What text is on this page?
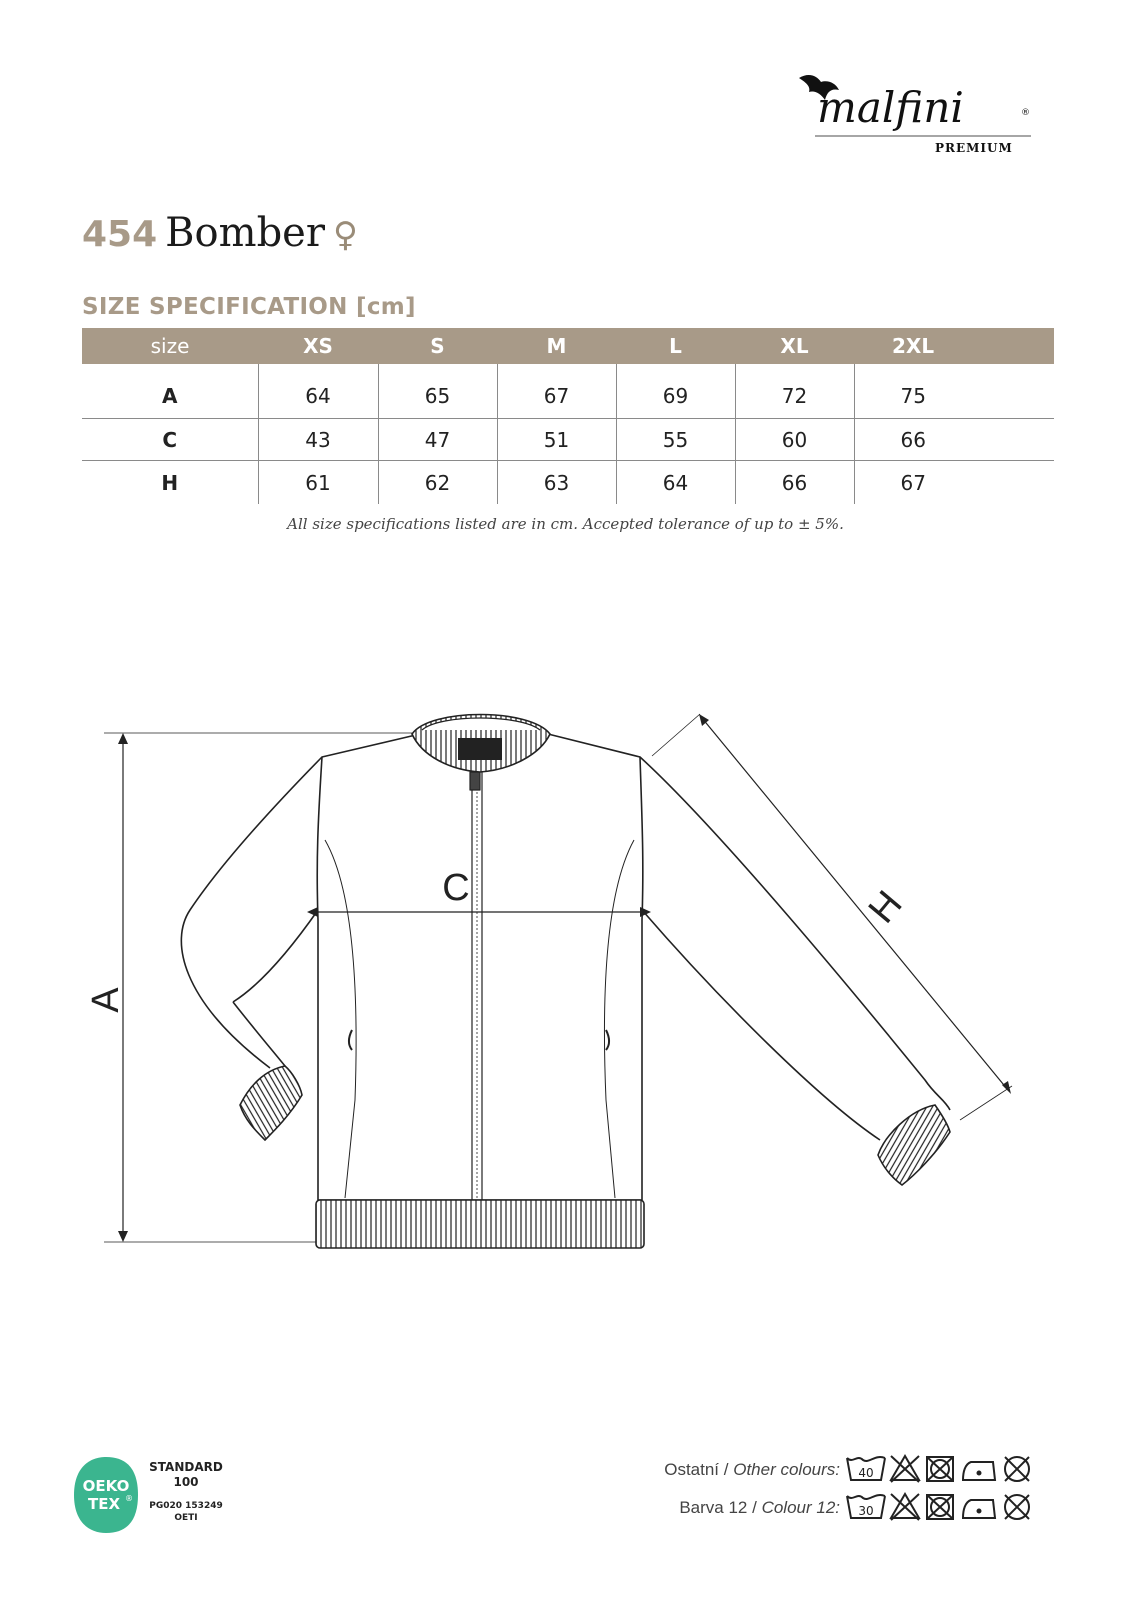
malfini	®
PREMIUM
454 Bomber ♀
SIZE SPECIFICATION [cm]
size	XS	S	M	L	XL	2XL
A	64	65	67	69	72	75
C	43	47	51	55	60	66
H	61	62	63	64	66	67
All size specifications listed are in cm. Accepted tolerance of up to ± 5%.
A
C	H
OEKO
TEX ®
STANDARD
100
PG020 153249
OETI
Ostatní / Other colours:
Barva 12 / Colour 12:
40
30
